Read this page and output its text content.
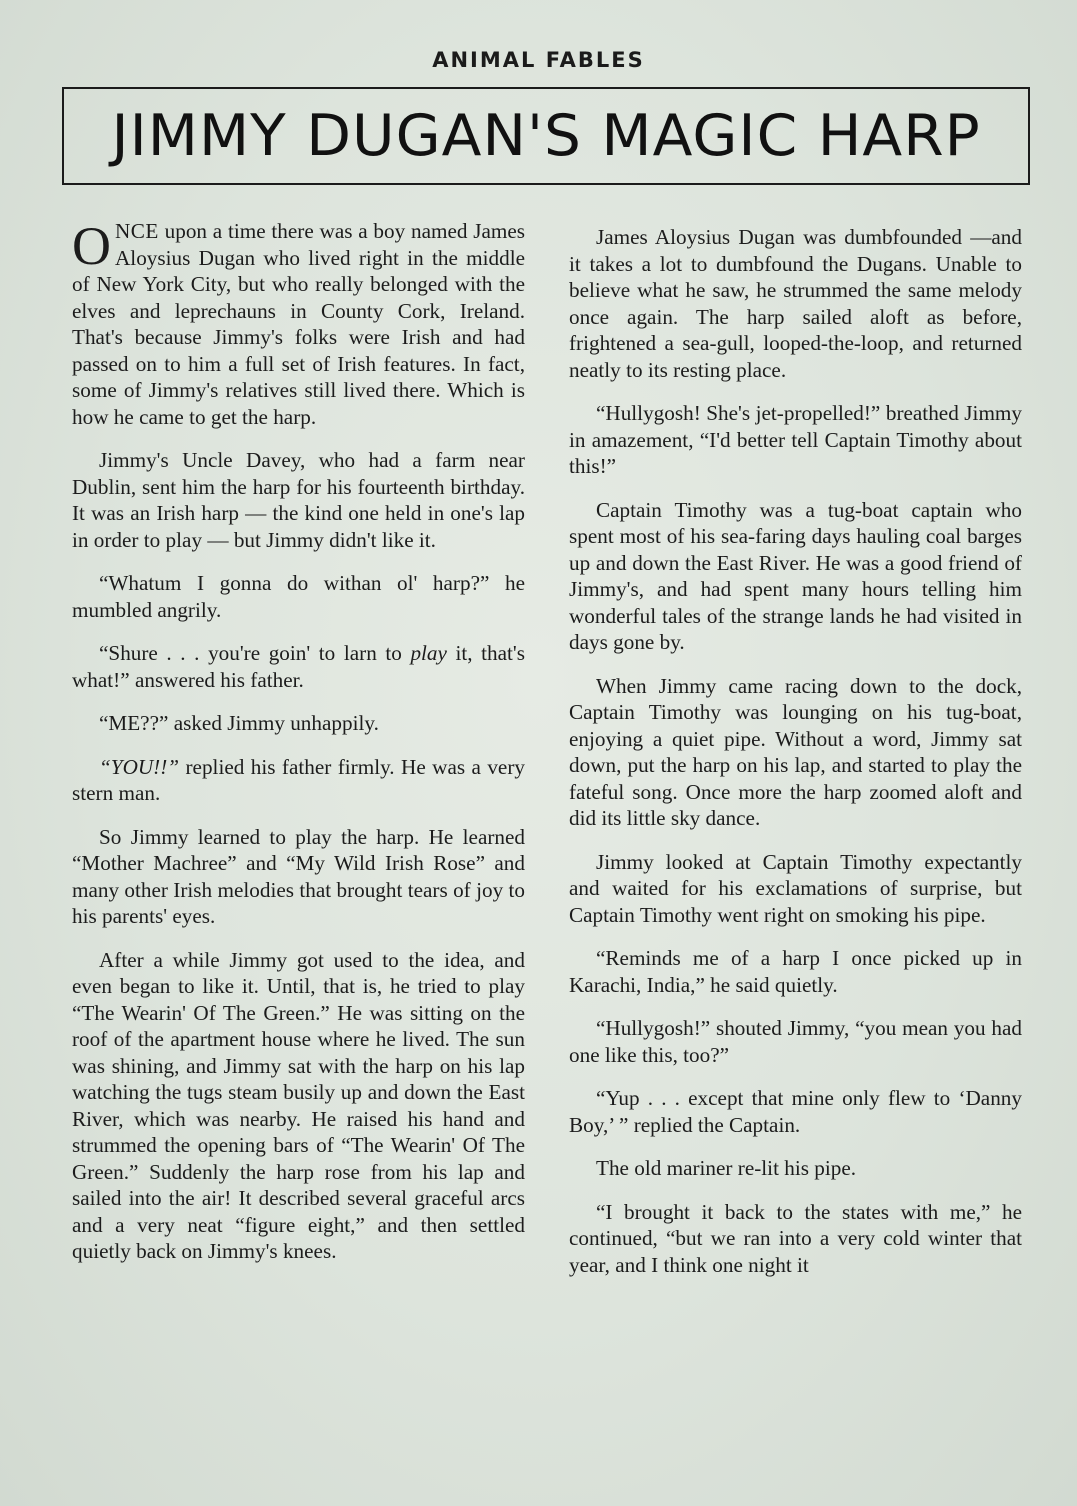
ANIMAL FABLES
JIMMY DUGAN'S MAGIC HARP

ONCE upon a time there was a boy named James Aloysius Dugan who lived right in the middle of New York City, but who really belonged with the elves and leprechauns in County Cork, Ireland. That's because Jimmy's folks were Irish and had passed on to him a full set of Irish features. In fact, some of Jimmy's relatives still lived there. Which is how he came to get the harp.

Jimmy's Uncle Davey, who had a farm near Dublin, sent him the harp for his fourteenth birthday. It was an Irish harp — the kind one held in one's lap in order to play — but Jimmy didn't like it.

“Whatum I gonna do withan ol' harp?” he mumbled angrily.

“Shure . . . you're goin' to larn to play it, that's what!” answered his father.

“ME??” asked Jimmy unhappily.

“YOU!!” replied his father firmly. He was a very stern man.

So Jimmy learned to play the harp. He learned “Mother Machree” and “My Wild Irish Rose” and many other Irish melodies that brought tears of joy to his parents' eyes.

After a while Jimmy got used to the idea, and even began to like it. Until, that is, he tried to play “The Wearin' Of The Green.” He was sitting on the roof of the apartment house where he lived. The sun was shining, and Jimmy sat with the harp on his lap watching the tugs steam busily up and down the East River, which was nearby. He raised his hand and strummed the opening bars of “The Wearin' Of The Green.” Suddenly the harp rose from his lap and sailed into the air! It described several graceful arcs and a very neat “figure eight,” and then settled quietly back on Jimmy's knees.

James Aloysius Dugan was dumbfounded —and it takes a lot to dumbfound the Dugans. Unable to believe what he saw, he strummed the same melody once again. The harp sailed aloft as before, frightened a sea-gull, looped-the-loop, and returned neatly to its resting place.

“Hullygosh! She's jet-propelled!” breathed Jimmy in amazement, “I'd better tell Captain Timothy about this!”

Captain Timothy was a tug-boat captain who spent most of his sea-faring days hauling coal barges up and down the East River. He was a good friend of Jimmy's, and had spent many hours telling him wonderful tales of the strange lands he had visited in days gone by.

When Jimmy came racing down to the dock, Captain Timothy was lounging on his tug-boat, enjoying a quiet pipe. Without a word, Jimmy sat down, put the harp on his lap, and started to play the fateful song. Once more the harp zoomed aloft and did its little sky dance.

Jimmy looked at Captain Timothy expectantly and waited for his exclamations of surprise, but Captain Timothy went right on smoking his pipe.

“Reminds me of a harp I once picked up in Karachi, India,” he said quietly.

“Hullygosh!” shouted Jimmy, “you mean you had one like this, too?”

“Yup . . . except that mine only flew to ‘Danny Boy,’ ” replied the Captain.

The old mariner re-lit his pipe.

“I brought it back to the states with me,” he continued, “but we ran into a very cold winter that year, and I think one night it
